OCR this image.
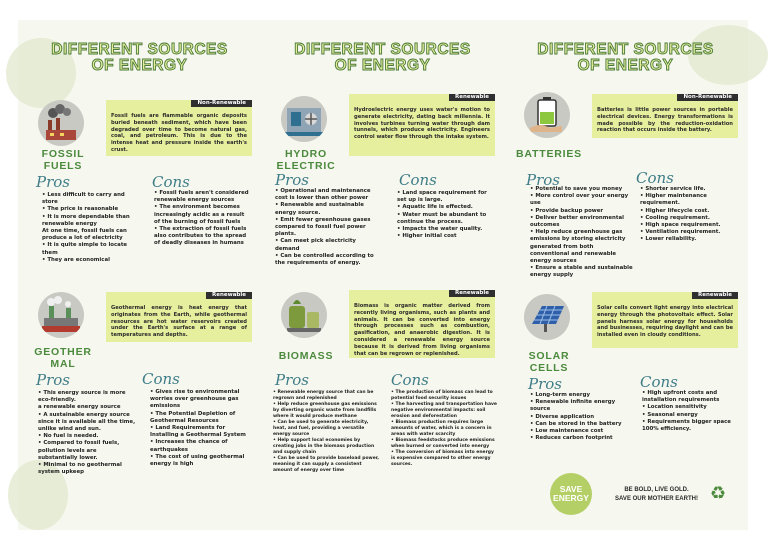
DIFFERENT SOURCES
OF ENERGY
FOSSIL
FUELS
Non-Renewable
Fossil fuels are flammable organic deposits buried beneath sediment, which have been degraded over time to become natural gas, coal, and petroleum. This is due to the intense heat and pressure inside the earth's crust.
Pros	Cons
• Less difficult to carry and store
• The price is reasonable
• It is more dependable than renewable energy
At one time, fossil fuels can produce a lot of electricity
• It is quite simple to locate them
• They are economical
• Fossil fuels aren't considered renewable energy sources
• The environment becomes increasingly acidic as a result of the burning of fossil fuels
• The extraction of fossil fuels also contributes to the spread of deadly diseases in humans
GEOTHER
MAL
Renewable
Geothermal energy is heat energy that originates from the Earth, while geothermal resources are hot water reservoirs created under the Earth's surface at a range of temperatures and depths.
Pros	Cons
• This energy source is more eco-friendly.
a renewable energy source
• A sustainable energy source since it is available all the time, unlike wind and sun.
• No fuel is needed.
• Compared to fossil fuels, pollution levels are substantially lower.
• Minimal to no geothermal system upkeep
• Gives rise to environmental worries over greenhouse gas emissions
• The Potential Depletion of Geothermal Resources
• Land Requirements for Installing a Geothermal System
• Increases the chance of earthquakes
• The cost of using geothermal energy is high
DIFFERENT SOURCES
OF ENERGY
HYDRO
ELECTRIC
Renewable
Hydroelectric energy uses water's motion to generate electricity, dating back millennia. It involves turbines turning water through dam tunnels, which produce electricity. Engineers control water flow through the intake system.
Pros	Cons
• Operational and maintenance cost is lower than other power
• Renewable and sustainable energy source.
• Emit fewer greenhouse gases compared to fossil fuel power plants.
• Can meet pick electricity demand
• Can be controlled according to the requirements of energy.
• Land space requirement for set up is large.
• Aquatic life is effected.
• Water must be abundant to continue the process.
• Impacts the water quality.
• Higher initial cost
BIOMASS
Renewable
Biomass is organic matter derived from recently living organisms, such as plants and animals. It can be converted into energy through processes such as combustion, gasification, and anaerobic digestion. It is considered a renewable energy source because it is derived from living organisms that can be regrown or replenished.
Pros	Cons
• Renewable energy source that can be regrown and replenished
• Help reduce greenhouse gas emissions by diverting organic waste from landfills where it would produce methane
• Can be used to generate electricity, heat, and fuel, providing a versatile energy source
• Help support local economies by creating jobs in the biomass production and supply chain
• Can be used to provide baseload power, meaning it can supply a consistent amount of energy over time
• The production of biomass can lead to potential food security issues
• The harvesting and transportation have negative environmental impacts: soil erosion and deforestation
• Biomass production requires large amounts of water, which is a concern in areas with water scarcity
• Biomass feedstocks produce emissions when burned or converted into energy
• The conversion of biomass into energy is expensive compared to other energy sources.
DIFFERENT SOURCES
OF ENERGY
BATTERIES
Non-Renewable
Batteries is little power sources in portable electrical devices. Energy transformations is made possible by the reduction-oxidation reaction that occurs inside the battery.
Pros	Cons
• Potential to save you money
• More control over your energy use
• Provide backup power
• Deliver better environmental outcomes
• Help reduce greenhouse gas emissions by storing electricity generated from both conventional and renewable energy sources
• Ensure a stable and sustainable energy supply
• Shorter service life.
• Higher maintenance requirement.
• Higher lifecycle cost.
• Cooling requirement.
• High space requirement.
• Ventilation requirement.
• Lower reliability.
SOLAR
CELLS
Renewable
Solar cells convert light energy into electrical energy through the photovoltaic effect. Solar panels harness solar energy for households and businesses, requiring daylight and can be installed even in cloudy conditions.
Pros	Cons
• Long-term energy
• Renewable infinite energy source
• Diverse application
• Can be stored in the battery
• Low maintenance cost
• Reduces carbon footprint
• High upfront costs and installation requirements
• Location sensitivity
• Seasonal energy
• Requirements bigger space
100% efficiency.
SAVE
ENERGY
BE BOLD, LIVE GOLD.
SAVE OUR MOTHER EARTH! ♻
